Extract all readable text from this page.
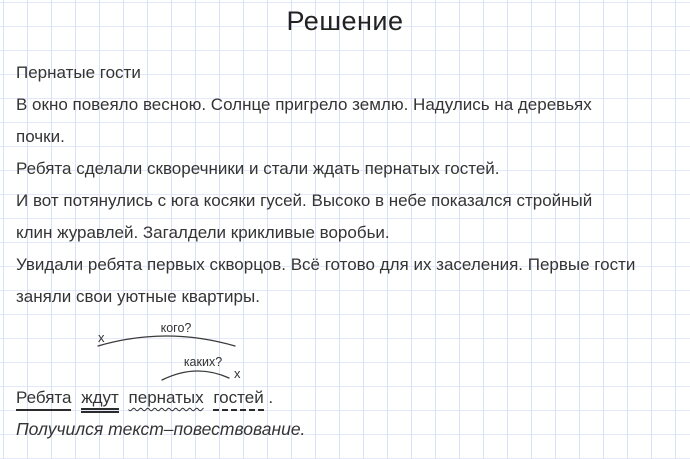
Решение
Пернатые гости
В окно повеяло весною. Солнце пригрело землю. Надулись на деревьях
почки.
Ребята сделали скворечники и стали ждать пернатых гостей.
И вот потянулись с юга косяки гусей. Высоко в небе показался стройный
клин журавлей. Загалдели крикливые воробьи.
Увидали ребята первых скворцов. Всё готово для их заселения. Первые гости
заняли свои уютные квартиры.
кого?
х
каких?
х
Ребята ждут пернатых гостей .
Получился текст–повествование.
